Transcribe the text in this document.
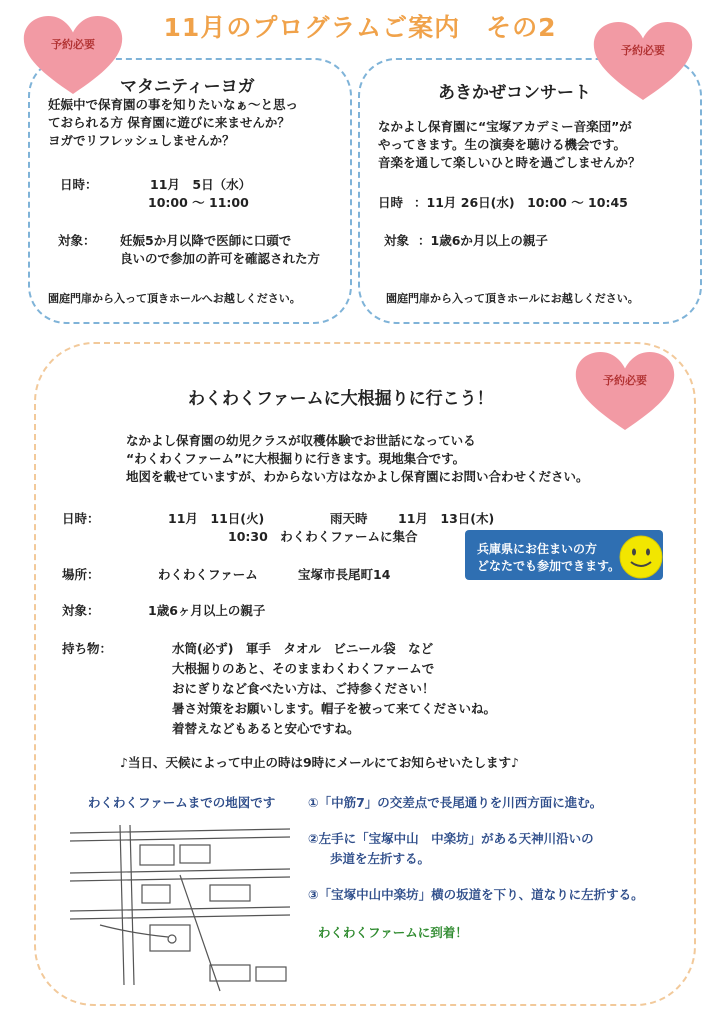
11月のプログラムご案内　その2
予約必要
マタニティーヨガ
妊娠中で保育園の事を知りたいなぁ～と思っ
ておられる方 保育園に遊びに来ませんか？
ヨガでリフレッシュしませんか？
日時：	11月　5日（水）
10:00 ～ 11:00
対象： 妊娠5か月以降で医師に口頭で
良いので参加の許可を確認された方
園庭門扉から入って頂きホールへお越しください。
予約必要
あきかぜコンサート
なかよし保育園に“宝塚アカデミー音楽団”が
やってきます。生の演奏を聴ける機会です。
音楽を通して楽しいひと時を過ごしませんか？
日時 ：11月 26日(水)　10:00 ～ 10:45
対象 ：1歳6か月以上の親子
園庭門扉から入って頂きホールにお越しください。
予約必要
わくわくファームに大根掘りに行こう！
なかよし保育園の幼児クラスが収穫体験でお世話になっている
“わくわくファーム”に大根掘りに行きます。現地集合です。
地図を載せていますが、わからない方はなかよし保育園にお問い合わせください。
日時：	11月　11日(火)	雨天時 11月　13日(木)
10:30　わくわくファームに集合
兵庫県にお住まいの方
どなたでも参加できます。
場所：	わくわくファーム	宝塚市長尾町14
対象：	1歳6ヶ月以上の親子
持ち物：	水筒(必ず)　軍手　タオル　ビニール袋　など
大根掘りのあと、そのままわくわくファームで
おにぎりなど食べたい方は、ご持参ください！
暑さ対策をお願いします。帽子を被って来てくださいね。
着替えなどもあると安心ですね。
♪当日、天候によって中止の時は9時にメールにてお知らせいたします♪
わくわくファームまでの地図です	①「中筋7」の交差点で長尾通りを川西方面に進む。
②左手に「宝塚中山　中楽坊」がある天神川沿いの
歩道を左折する。
③「宝塚中山中楽坊」横の坂道を下り、道なりに左折する。
わくわくファームに到着！
